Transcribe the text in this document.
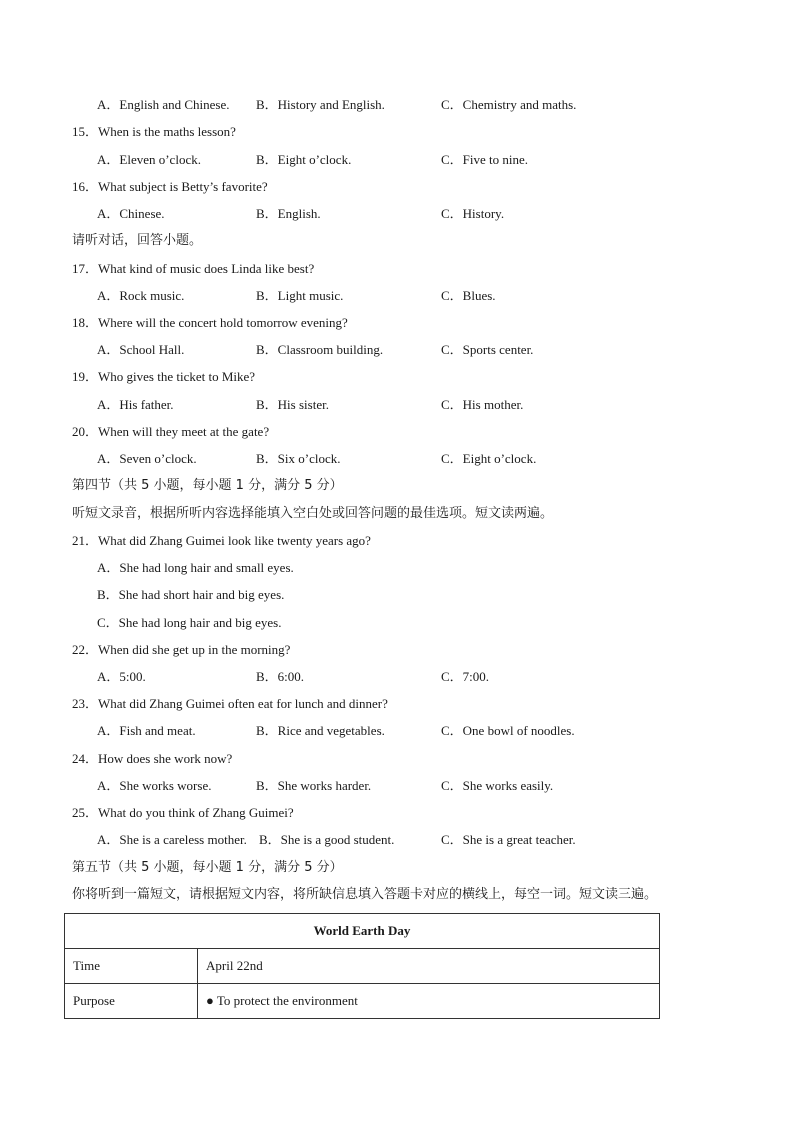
A．English and Chinese. B．History and English.	C．Chemistry and maths.
15．When is the maths lesson?
A．Eleven o’clock.	B．Eight o’clock.	C．Five to nine.
16．What subject is Betty’s favorite?
A．Chinese.	B．English.	C．History.
请听对话，回答小题。
17．What kind of music does Linda like best?
A．Rock music.	B．Light music.	C．Blues.
18．Where will the concert hold tomorrow evening?
A．School Hall.	B．Classroom building.	C．Sports center.
19．Who gives the ticket to Mike?
A．His father.	B．His sister.	C．His mother.
20．When will they meet at the gate?
A．Seven o’clock.	B．Six o’clock.	C．Eight o’clock.
第四节（共 5 小题，每小题 1 分，满分 5 分）
听短文录音，根据所听内容选择能填入空白处或回答问题的最佳选项。短文读两遍。
21．What did Zhang Guimei look like twenty years ago?
A．She had long hair and small eyes.
B．She had short hair and big eyes.
C．She had long hair and big eyes.
22．When did she get up in the morning?
A．5:00.	B．6:00.	C．7:00.
23．What did Zhang Guimei often eat for lunch and dinner?
A．Fish and meat.	B．Rice and vegetables.	C．One bowl of noodles.
24．How does she work now?
A．She works worse.	B．She works harder.	C．She works easily.
25．What do you think of Zhang Guimei?
A．She is a careless mother. B．She is a good student.	C．She is a great teacher.
第五节（共 5 小题，每小题 1 分，满分 5 分）
你将听到一篇短文，请根据短文内容，将所缺信息填入答题卡对应的横线上，每空一词。短文读三遍。
World Earth Day	
Time	April 22nd
Purpose	● To protect the environment
